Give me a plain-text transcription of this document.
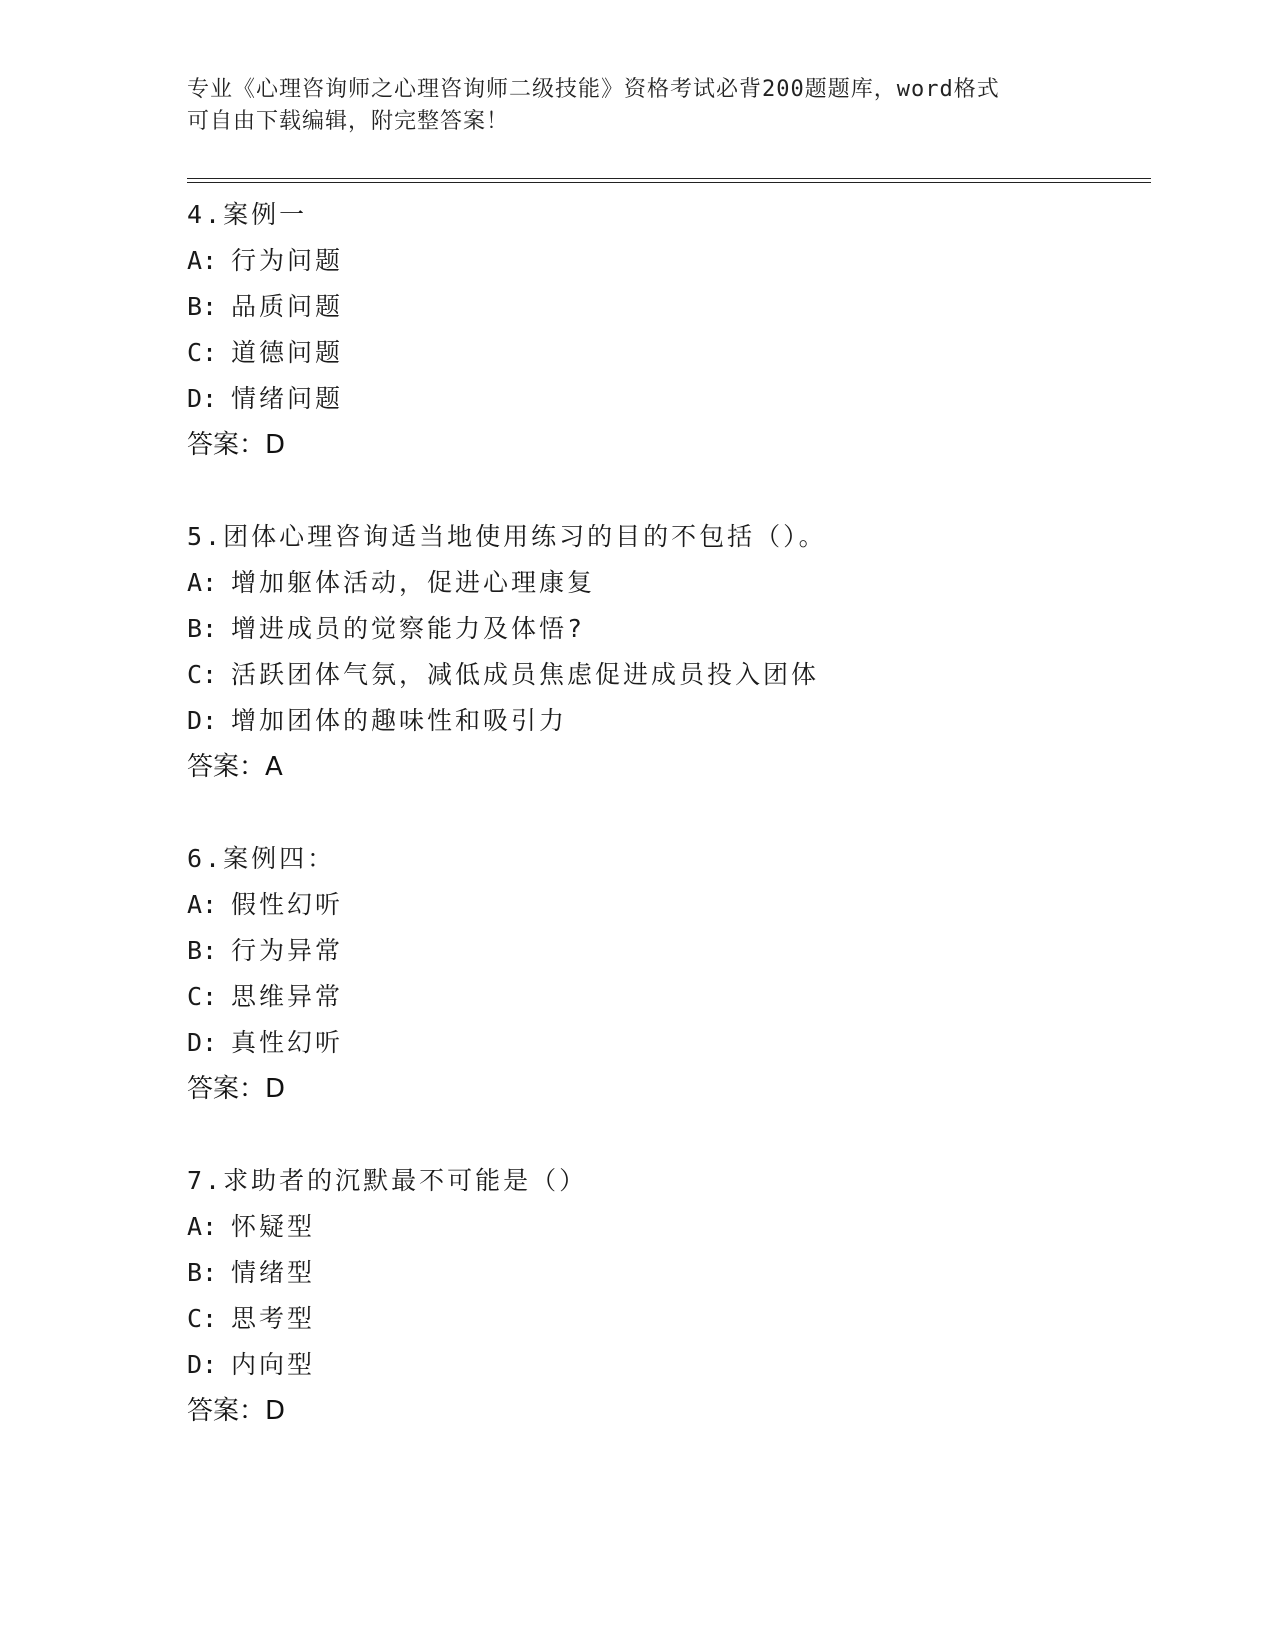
专业《心理咨询师之心理咨询师二级技能》资格考试必背200题题库，word格式
可自由下载编辑，附完整答案！
4.案例一
A: 行为问题
B: 品质问题
C: 道德问题
D: 情绪问题
答案：D
5.团体心理咨询适当地使用练习的目的不包括（）。
A: 增加躯体活动，促进心理康复
B: 增进成员的觉察能力及体悟?
C: 活跃团体气氛，减低成员焦虑促进成员投入团体
D: 增加团体的趣味性和吸引力
答案：A
6.案例四：
A: 假性幻听
B: 行为异常
C: 思维异常
D: 真性幻听
答案：D
7.求助者的沉默最不可能是（）
A: 怀疑型
B: 情绪型
C: 思考型
D: 内向型
答案：D
